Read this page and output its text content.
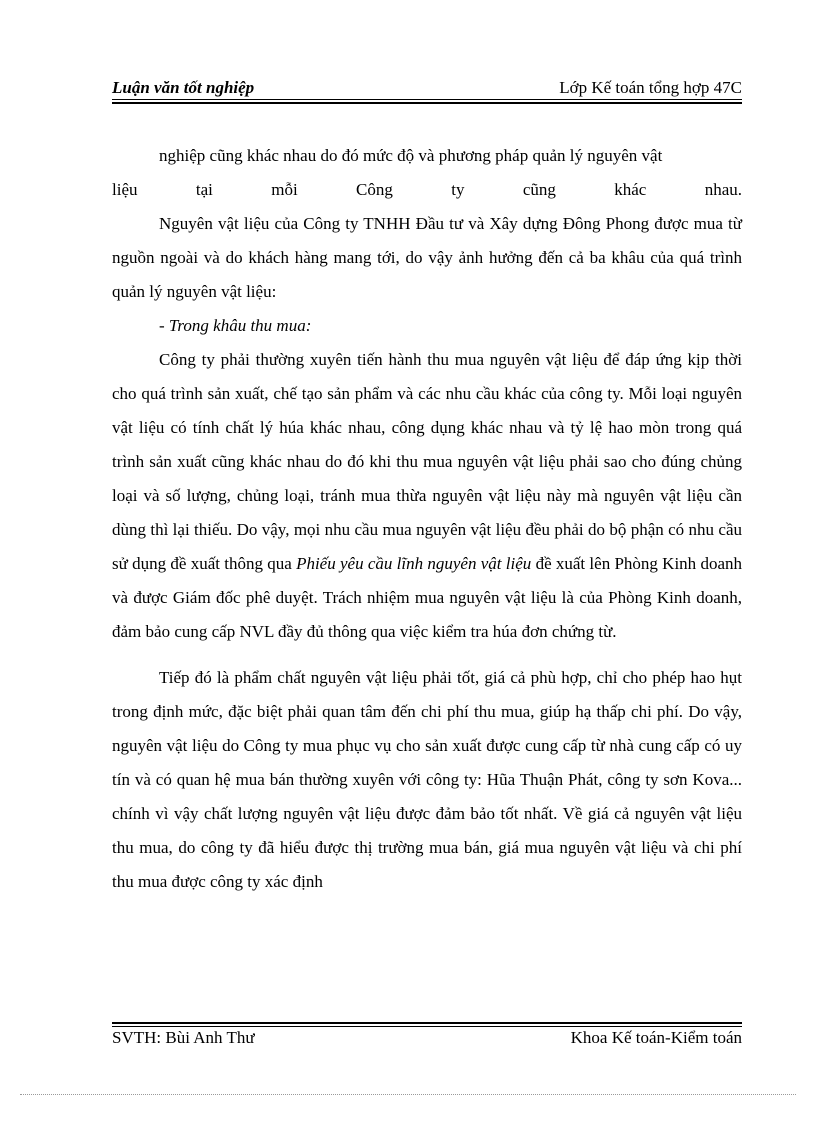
Luận văn tốt nghiệp	Lớp Kế toán tổng hợp 47C

nghiệp cũng khác nhau do đó mức độ và phương pháp quản lý nguyên vật

liệu tại mỗi Công ty cũng khác nhau.

Nguyên vật liệu của Công ty TNHH Đầu tư và Xây dựng Đông Phong được mua từ nguồn ngoài và do khách hàng mang tới, do vậy ảnh hưởng đến cả ba khâu của quá trình quản lý nguyên vật liệu:

- Trong khâu thu mua:

Công ty phải thường xuyên tiến hành thu mua nguyên vật liệu để đáp ứng kịp thời cho quá trình sản xuất, chế tạo sản phẩm và các nhu cầu khác của công ty. Mỗi loại nguyên vật liệu có tính chất lý húa khác nhau, công dụng khác nhau và tỷ lệ hao mòn trong quá trình sản xuất cũng khác nhau do đó khi thu mua nguyên vật liệu phải sao cho đúng chủng loại và số lượng, chủng loại, tránh mua thừa nguyên vật liệu này mà nguyên vật liệu cần dùng thì lại thiếu. Do vậy, mọi nhu cầu mua nguyên vật liệu đều phải do bộ phận có nhu cầu sử dụng đề xuất thông qua Phiếu yêu cầu lĩnh nguyên vật liệu đề xuất lên Phòng Kinh doanh và được Giám đốc phê duyệt. Trách nhiệm mua nguyên vật liệu là của Phòng Kinh doanh, đảm bảo cung cấp NVL đầy đủ thông qua việc kiểm tra húa đơn chứng từ.

Tiếp đó là phẩm chất nguyên vật liệu phải tốt, giá cả phù hợp, chỉ cho phép hao hụt trong định mức, đặc biệt phải quan tâm đến chi phí thu mua, giúp hạ thấp chi phí. Do vậy, nguyên vật liệu do Công ty mua phục vụ cho sản xuất được cung cấp từ nhà cung cấp có uy tín và có quan hệ mua bán thường xuyên với công ty: Hũa Thuận Phát, công ty sơn Kova... chính vì vậy chất lượng nguyên vật liệu được đảm bảo tốt nhất. Về giá cả nguyên vật liệu thu mua, do công ty đã hiểu được thị trường mua bán, giá mua nguyên vật liệu và chi phí thu mua được công ty xác định

SVTH: Bùi Anh Thư	Khoa Kế toán-Kiểm toán
